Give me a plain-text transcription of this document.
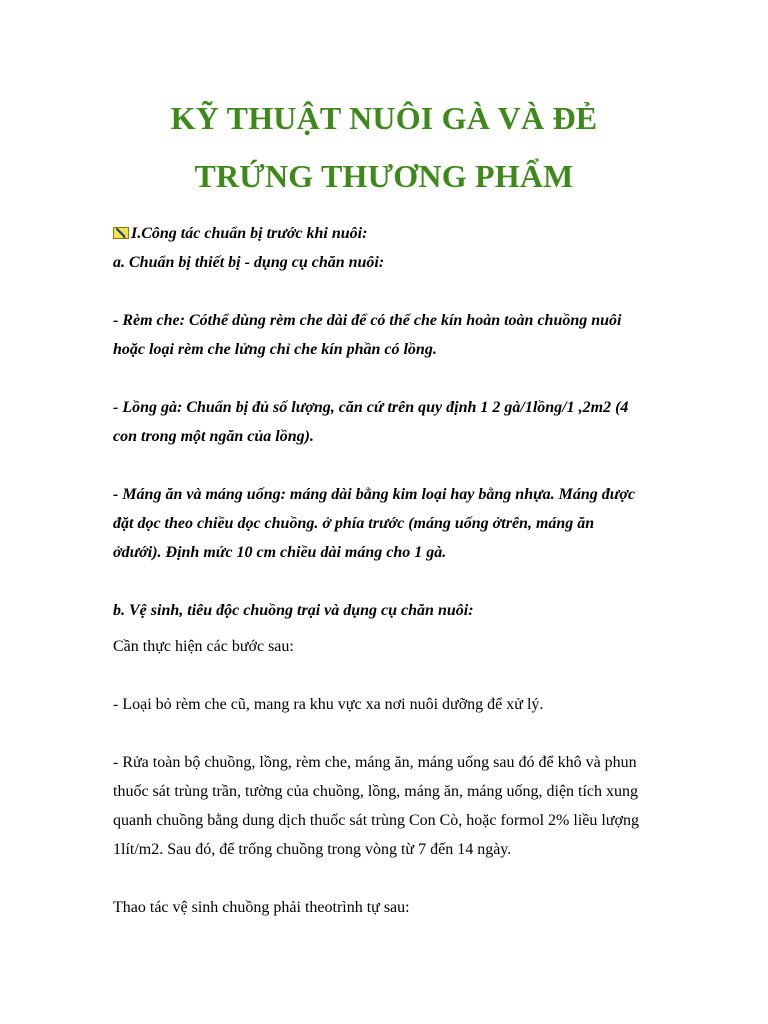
KỸ THUẬT NUÔI GÀ VÀ ĐẺ
TRỨNG THƯƠNG PHẨM
I.Công tác chuẩn bị trước khi nuôi:
a. Chuẩn bị thiết bị - dụng cụ chăn nuôi:
- Rèm che: Cóthể dùng rèm che dài để có thể che kín hoàn toàn chuồng nuôi
hoặc loại rèm che lửng chỉ che kín phần có lồng.
- Lồng gà: Chuẩn bị đủ số lượng, căn cứ trên quy định 1 2 gà/1lồng/1 ,2m2 (4
con trong một ngăn của lồng).
- Máng ăn và máng uống: máng dài bằng kim loại hay bằng nhựa. Máng được
đặt dọc theo chiều dọc chuồng. ở phía trước (máng uống ởtrên, máng ăn
ởdưới). Định mức 10 cm chiều dài máng cho 1 gà.
b. Vệ sinh, tiêu độc chuồng trại và dụng cụ chăn nuôi:
Cần thực hiện các bước sau:
- Loại bỏ rèm che cũ, mang ra khu vực xa nơi nuôi dưỡng để xử lý.
- Rửa toàn bộ chuồng, lồng, rèm che, máng ăn, máng uống sau đó để khô và phun
thuốc sát trùng trần, tường của chuồng, lồng, máng ăn, máng uống, diện tích xung
quanh chuồng bằng dung dịch thuốc sát trùng Con Cò, hoặc formol 2% liều lượng
1lít/m2. Sau đó, để trống chuồng trong vòng từ 7 đến 14 ngày.
Thao tác vệ sinh chuồng phải theotrình tự sau:
